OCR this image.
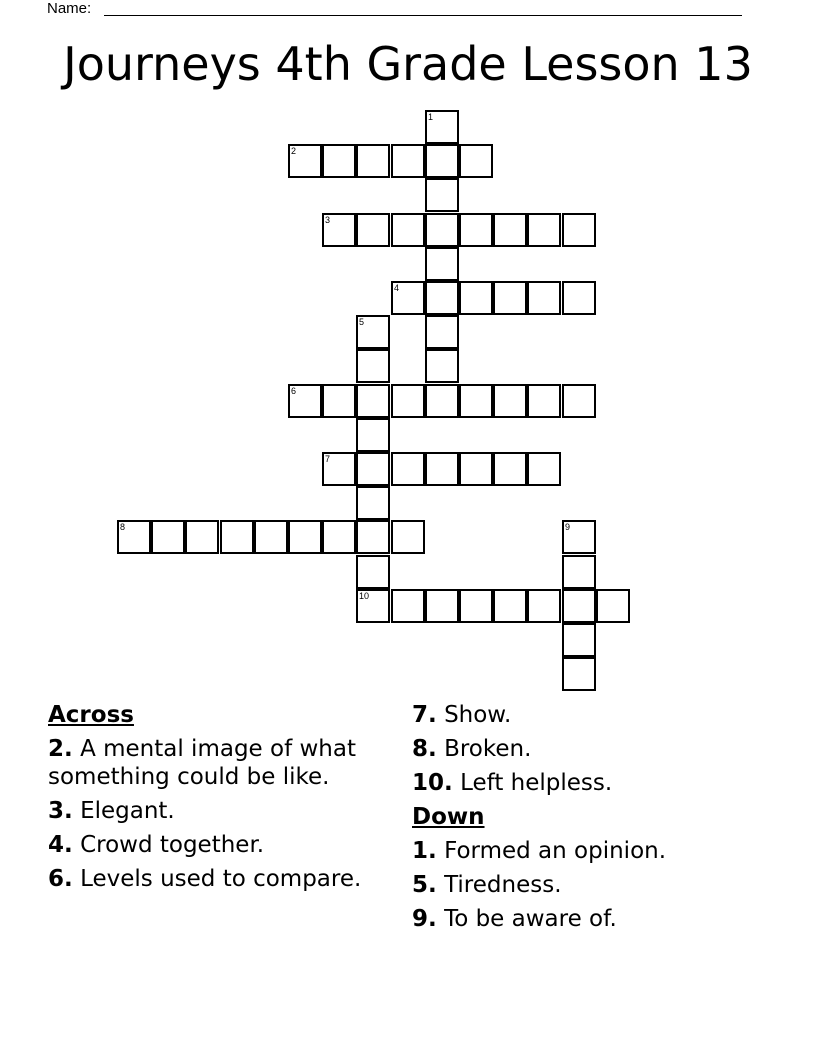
Name:
Journeys 4th Grade Lesson 13
1
2
3
4
5
10
6
7
8	9
Across
2. A mental image of what something could be like.
3. Elegant.
4. Crowd together.
6. Levels used to compare.
7. Show.
8. Broken.
10. Left helpless.
Down
1. Formed an opinion.
5. Tiredness.
9. To be aware of.
